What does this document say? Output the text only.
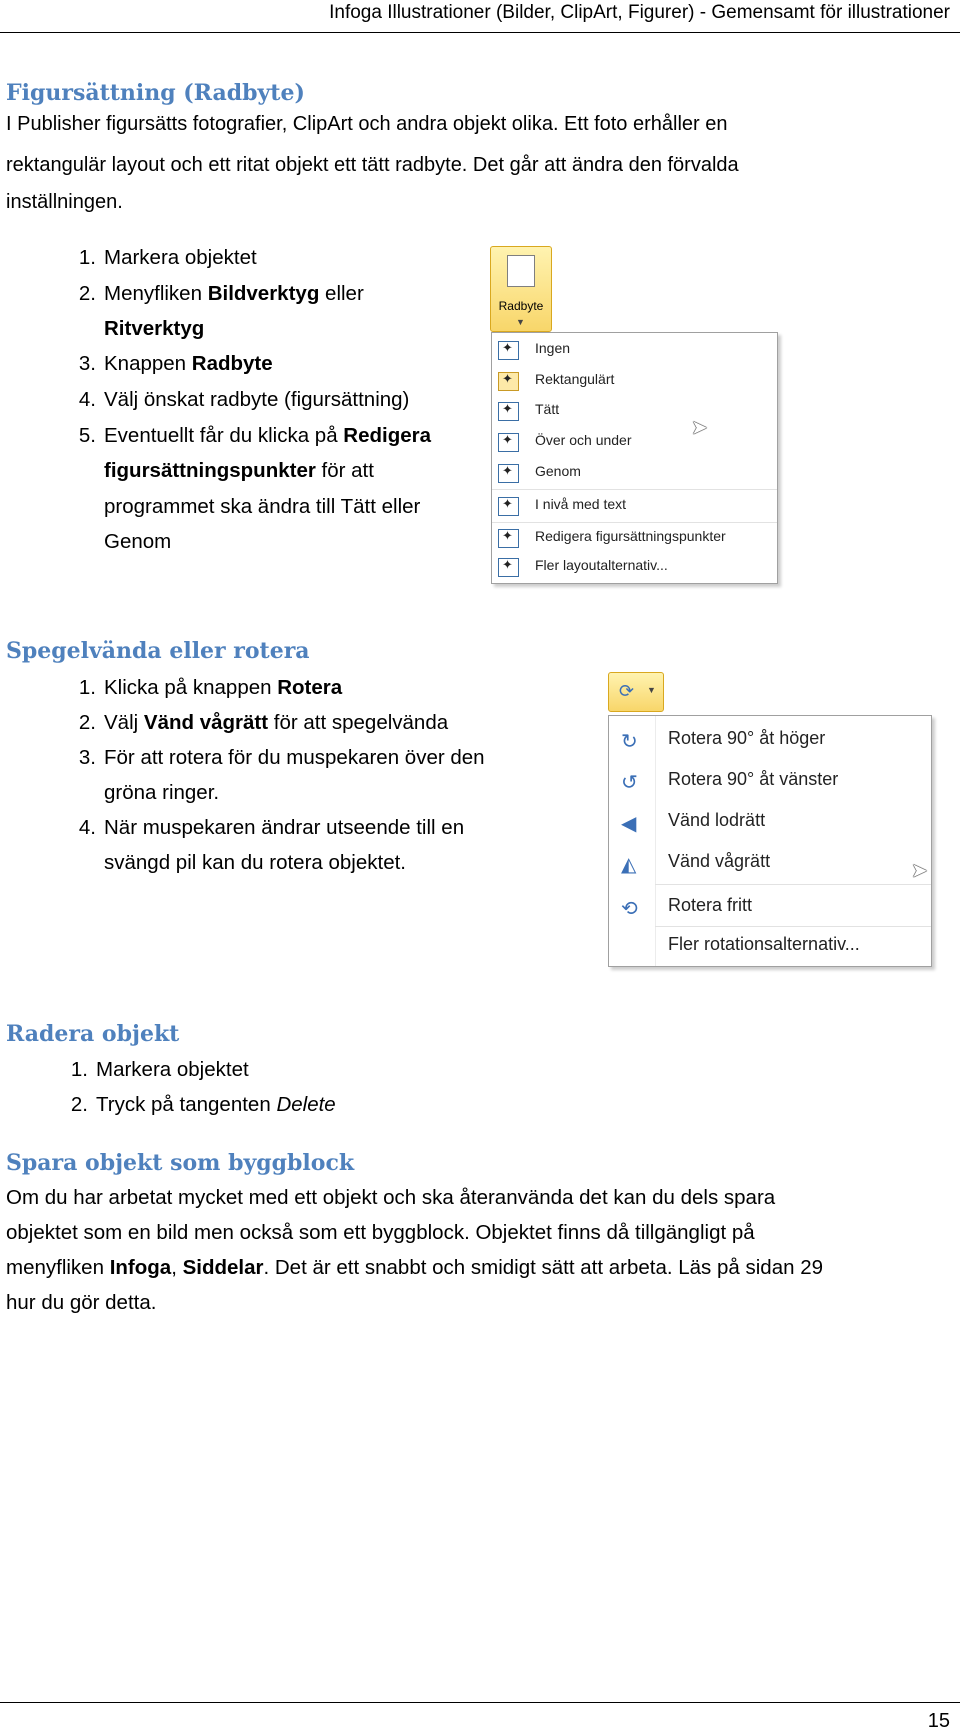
Infoga Illustrationer (Bilder, ClipArt, Figurer) - Gemensamt för illustrationer
Figursättning (Radbyte)
I Publisher figursätts fotografier, ClipArt och andra objekt olika. Ett foto erhåller en
rektangulär layout och ett ritat objekt ett tätt radbyte. Det går att ändra den förvalda
inställningen.
1. Markera objektet
2. Menyfliken Bildverktyg eller
Ritverktyg
3. Knappen Radbyte
4. Välj önskat radbyte (figursättning)
5. Eventuellt får du klicka på Redigera
figursättningspunkter för att
programmet ska ändra till Tätt eller
Genom
Radbyte
▼
✦
Ingen
✦
Rektangulärt
✦
Tätt
✦
Över och under
✦
Genom
✦
I nivå med text
✦
Redigera figursättningspunkter
✦
Fler layoutalternativ...
➤
Spegelvända eller rotera
1. Klicka på knappen Rotera
2. Välj Vänd vågrätt för att spegelvända
3. För att rotera för du muspekaren över den
gröna ringer.
4. När muspekaren ändrar utseende till en
svängd pil kan du rotera objektet.
⟳ ▼
↻ Rotera 90° åt höger
↺ Rotera 90° åt vänster
◀ Vänd lodrätt
◭ Vänd vågrätt
⟲ Rotera fritt
Fler rotationsalternativ...
➤
Radera objekt
1. Markera objektet
2. Tryck på tangenten Delete
Spara objekt som byggblock
Om du har arbetat mycket med ett objekt och ska återanvända det kan du dels spara
objektet som en bild men också som ett byggblock. Objektet finns då tillgängligt på
menyfliken Infoga, Siddelar. Det är ett snabbt och smidigt sätt att arbeta. Läs på sidan 29
hur du gör detta.
15
